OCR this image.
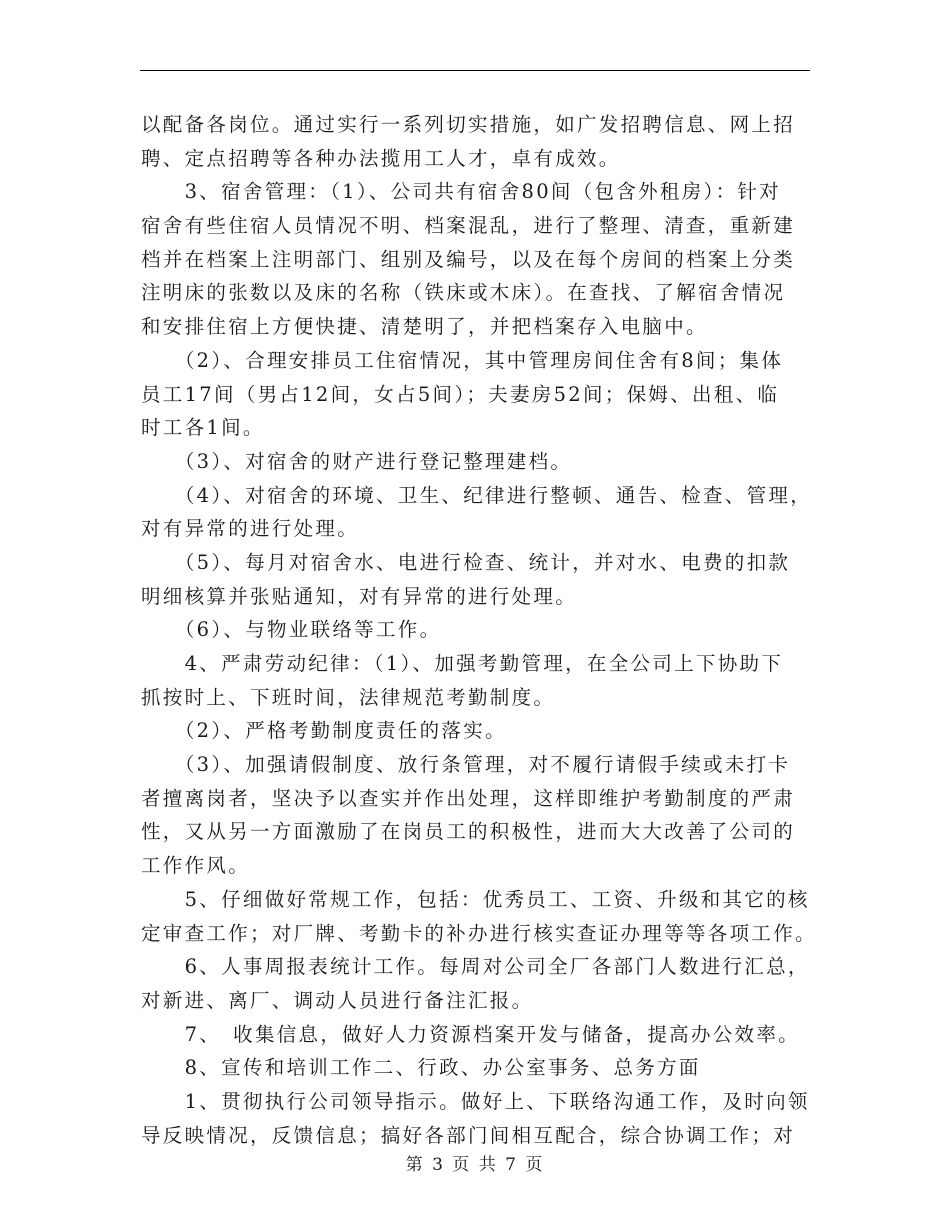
以配备各岗位。通过实行一系列切实措施，如广发招聘信息、网上招
聘、定点招聘等各种办法揽用工人才，卓有成效。
　　3、宿舍管理：（1）、公司共有宿舍80间（包含外租房）：针对
宿舍有些住宿人员情况不明、档案混乱，进行了整理、清查，重新建
档并在档案上注明部门、组别及编号，以及在每个房间的档案上分类
注明床的张数以及床的名称（铁床或木床）。在查找、了解宿舍情况
和安排住宿上方便快捷、清楚明了，并把档案存入电脑中。
　　（2）、合理安排员工住宿情况，其中管理房间住舍有8间；集体
员工17间（男占12间，女占5间）；夫妻房52间；保姆、出租、临
时工各1间。
　　（3）、对宿舍的财产进行登记整理建档。
　　（4）、对宿舍的环境、卫生、纪律进行整顿、通告、检查、管理，
对有异常的进行处理。
　　（5）、每月对宿舍水、电进行检查、统计，并对水、电费的扣款
明细核算并张贴通知，对有异常的进行处理。
　　（6）、与物业联络等工作。
　　4、严肃劳动纪律：（1）、加强考勤管理，在全公司上下协助下
抓按时上、下班时间，法律规范考勤制度。
　　（2）、严格考勤制度责任的落实。
　　（3）、加强请假制度、放行条管理，对不履行请假手续或未打卡
者擅离岗者，坚决予以查实并作出处理，这样即维护考勤制度的严肃
性，又从另一方面激励了在岗员工的积极性，进而大大改善了公司的
工作作风。
　　5、仔细做好常规工作，包括：优秀员工、工资、升级和其它的核
定审查工作；对厂牌、考勤卡的补办进行核实查证办理等等各项工作。
　　6、人事周报表统计工作。每周对公司全厂各部门人数进行汇总，
对新进、离厂、调动人员进行备注汇报。
　　7、　收集信息，做好人力资源档案开发与储备，提高办公效率。
　　8、宣传和培训工作二、行政、办公室事务、总务方面
　　1、贯彻执行公司领导指示。做好上、下联络沟通工作，及时向领
导反映情况，反馈信息；搞好各部门间相互配合，综合协调工作；对
第 3 页 共 7 页
